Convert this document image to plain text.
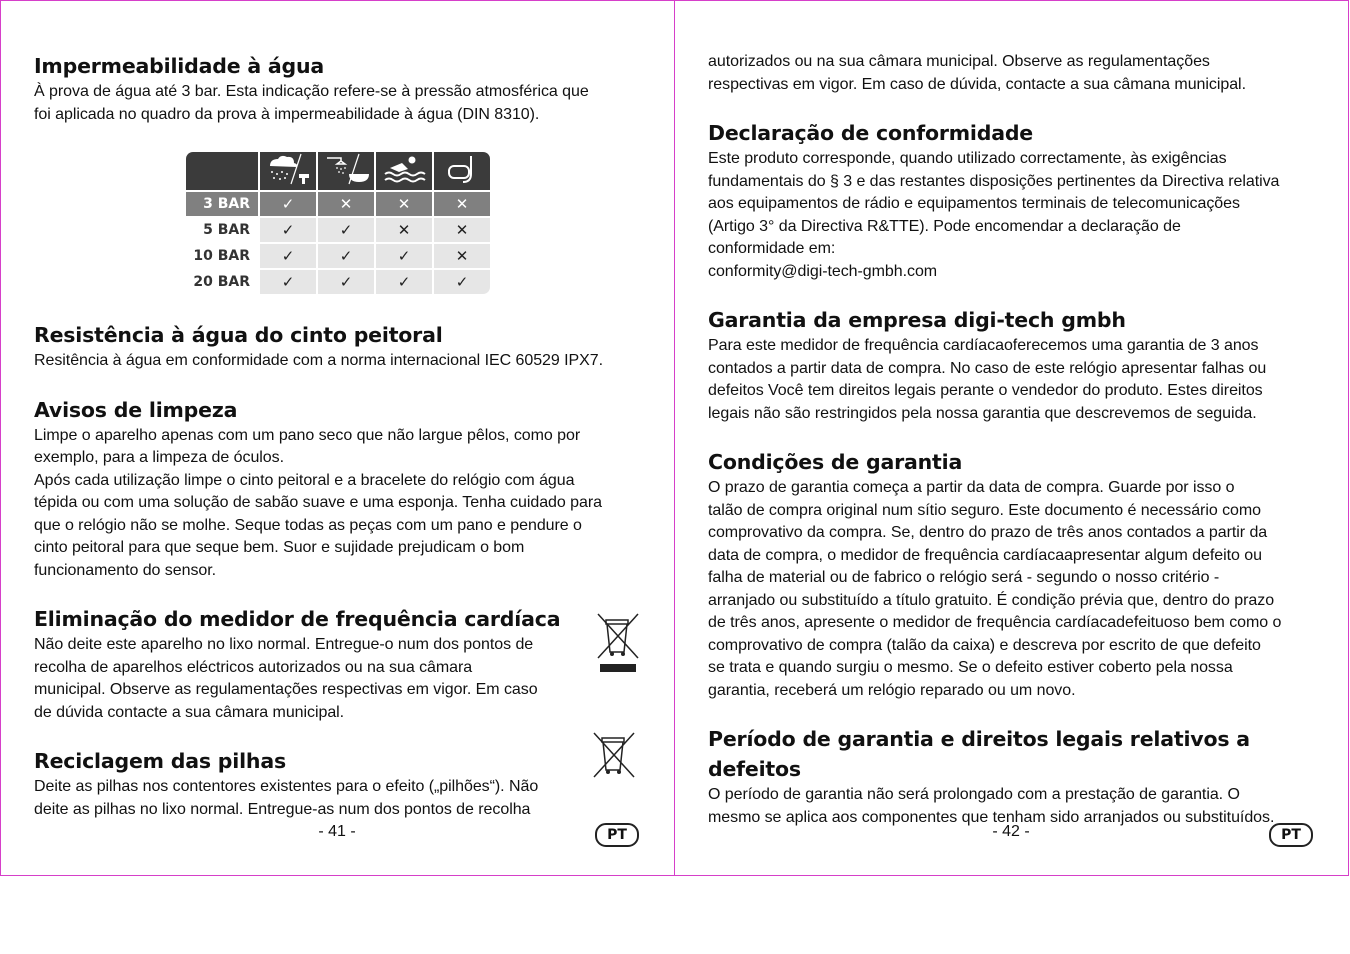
Impermeabilidade à água

À prova de água até 3 bar. Esta indicação refere-se à pressão atmosférica que

foi aplicada no quadro da prova à impermeabilidade à água (DIN 8310).

3 BAR	✓	✕	✕	✕
5 BAR	✓	✓	✕	✕
10 BAR	✓	✓	✓	✕
20 BAR	✓	✓	✓	✓
Resistência à água do cinto peitoral

Resitência à água em conformidade com a norma internacional IEC 60529 IPX7.

Avisos de limpeza

Limpe o aparelho apenas com um pano seco que não largue pêlos, como por

exemplo, para a limpeza de óculos.

Após cada utilização limpe o cinto peitoral e a bracelete do relógio com água

tépida ou com uma solução de sabão suave e uma esponja. Tenha cuidado para

que o relógio não se molhe. Seque todas as peças com um pano e pendure o

cinto peitoral para que seque bem. Suor e sujidade prejudicam o bom

funcionamento do sensor.

Eliminação do medidor de frequência cardíaca

Não deite este aparelho no lixo normal. Entregue-o num dos pontos de

recolha de aparelhos eléctricos autorizados ou na sua câmara

municipal. Observe as regulamentações respectivas em vigor. Em caso

de dúvida contacte a sua câmara municipal.

Reciclagem das pilhas

Deite as pilhas nos contentores existentes para o efeito („pilhões“). Não

deite as pilhas no lixo normal. Entregue-as num dos pontos de recolha

- 41 -	PT

autorizados ou na sua câmara municipal. Observe as regulamentações

respectivas em vigor. Em caso de dúvida, contacte a sua câmana municipal.

Declaração de conformidade

Este produto corresponde, quando utilizado correctamente, às exigências

fundamentais do § 3 e das restantes disposições pertinentes da Directiva relativa

aos equipamentos de rádio e equipamentos terminais de telecomunicações

(Artigo 3° da Directiva R&TTE). Pode encomendar a declaração de

conformidade em:

conformity@digi-tech-gmbh.com

Garantia da empresa digi-tech gmbh

Para este medidor de frequência cardíacaoferecemos uma garantia de 3 anos

contados a partir data de compra. No caso de este relógio apresentar falhas ou

defeitos Você tem direitos legais perante o vendedor do produto. Estes direitos

legais não são restringidos pela nossa garantia que descrevemos de seguida.

Condições de garantia

O prazo de garantia começa a partir da data de compra. Guarde por isso o

talão de compra original num sítio seguro. Este documento é necessário como

comprovativo da compra. Se, dentro do prazo de três anos contados a partir da

data de compra, o medidor de frequência cardíacaapresentar algum defeito ou

falha de material ou de fabrico o relógio será - segundo o nosso critério -

arranjado ou substituído a título gratuito. É condição prévia que, dentro do prazo

de três anos, apresente o medidor de frequência cardíacadefeituoso bem como o

comprovativo de compra (talão da caixa) e descreva por escrito de que defeito

se trata e quando surgiu o mesmo. Se o defeito estiver coberto pela nossa

garantia, receberá um relógio reparado ou um novo.

Período de garantia e direitos legais relativos a
defeitos

O período de garantia não será prolongado com a prestação de garantia. O

mesmo se aplica aos componentes que tenham sido arranjados ou substituídos.

- 42 -	PT
